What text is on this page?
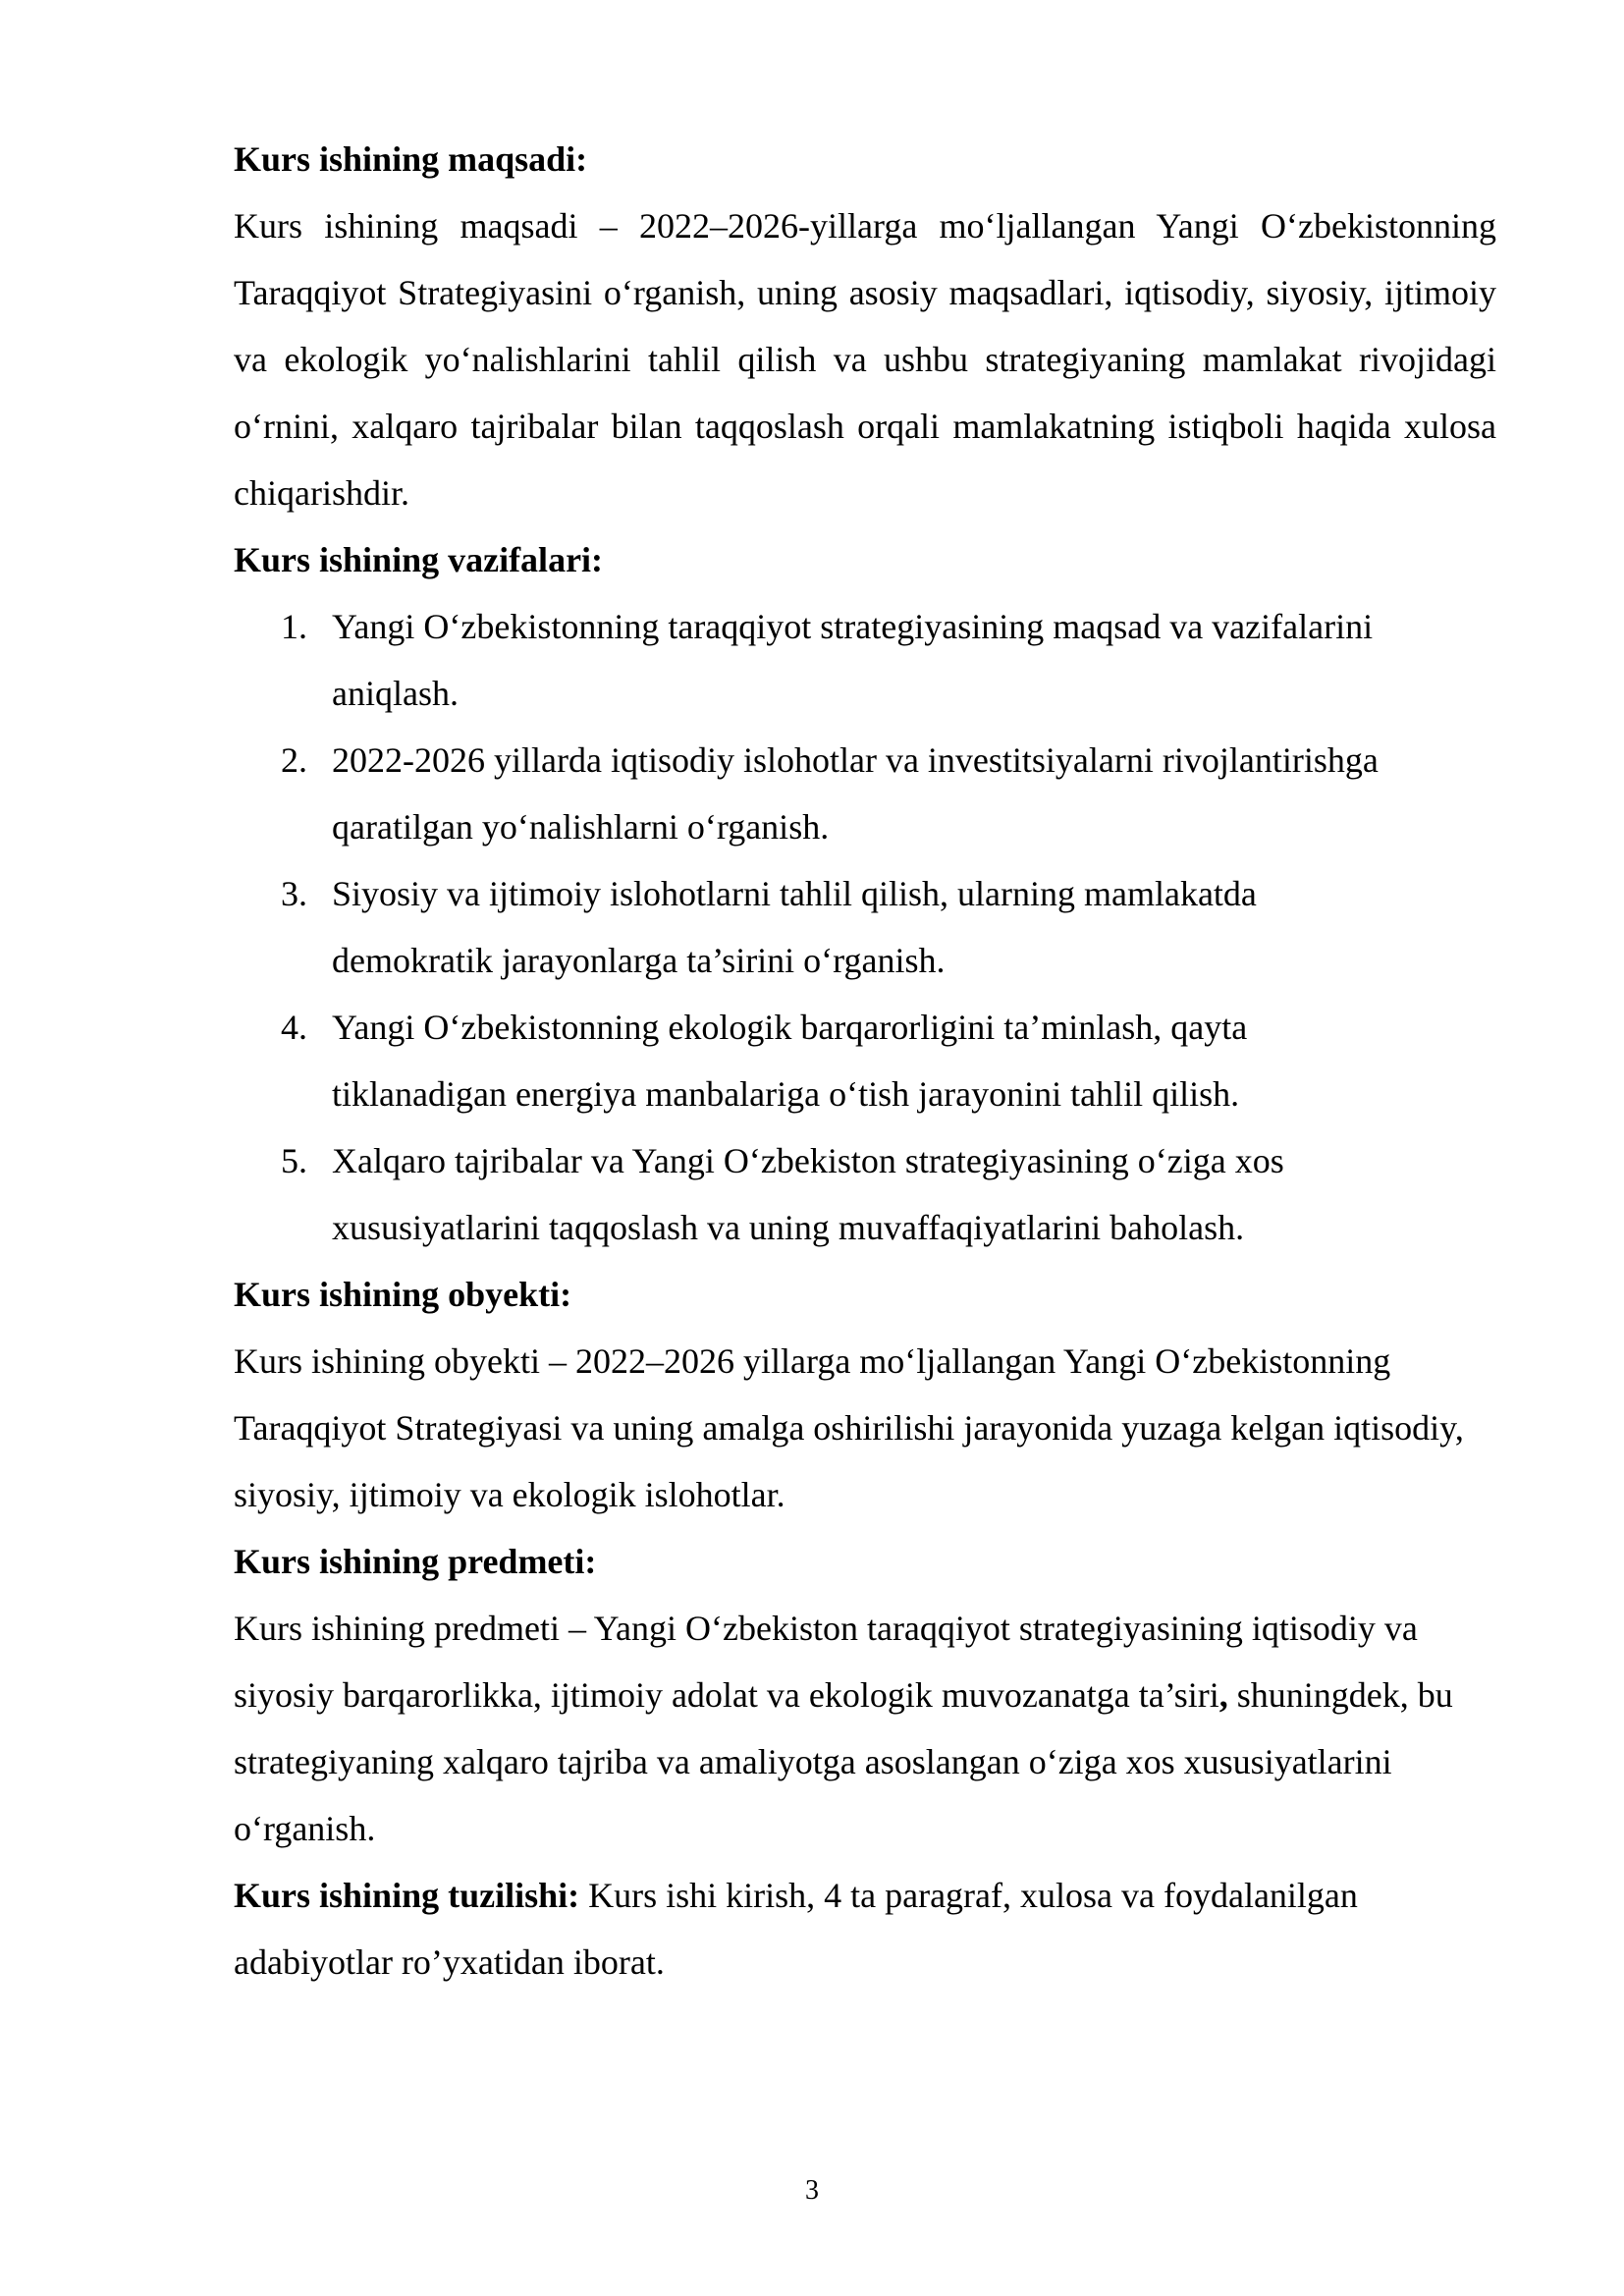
Kurs ishining maqsadi:

Kurs ishining maqsadi – 2022–2026-yillarga mo‘ljallangan Yangi O‘zbekistonning Taraqqiyot Strategiyasini o‘rganish, uning asosiy maqsadlari, iqtisodiy, siyosiy, ijtimoiy va ekologik yo‘nalishlarini tahlil qilish va ushbu strategiyaning mamlakat rivojidagi o‘rnini, xalqaro tajribalar bilan taqqoslash orqali mamlakatning istiqboli haqida xulosa chiqarishdir.

Kurs ishining vazifalari:

1. Yangi O‘zbekistonning taraqqiyot strategiyasining maqsad va vazifalarini aniqlash.
2. 2022-2026 yillarda iqtisodiy islohotlar va investitsiyalarni rivojlantirishga qaratilgan yo‘nalishlarni o‘rganish.
3. Siyosiy va ijtimoiy islohotlarni tahlil qilish, ularning mamlakatda demokratik jarayonlarga ta’sirini o‘rganish.
4. Yangi O‘zbekistonning ekologik barqarorligini ta’minlash, qayta tiklanadigan energiya manbalariga o‘tish jarayonini tahlil qilish.
5. Xalqaro tajribalar va Yangi O‘zbekiston strategiyasining o‘ziga xos xususiyatlarini taqqoslash va uning muvaffaqiyatlarini baholash.

Kurs ishining obyekti:

Kurs ishining obyekti – 2022–2026 yillarga mo‘ljallangan Yangi O‘zbekistonning Taraqqiyot Strategiyasi va uning amalga oshirilishi jarayonida yuzaga kelgan iqtisodiy, siyosiy, ijtimoiy va ekologik islohotlar.

Kurs ishining predmeti:

Kurs ishining predmeti – Yangi O‘zbekiston taraqqiyot strategiyasining iqtisodiy va siyosiy barqarorlikka, ijtimoiy adolat va ekologik muvozanatga ta’siri, shuningdek, bu strategiyaning xalqaro tajriba va amaliyotga asoslangan o‘ziga xos xususiyatlarini o‘rganish.

Kurs ishining tuzilishi: Kurs ishi kirish, 4 ta paragraf, xulosa va foydalanilgan adabiyotlar ro’yxatidan iborat.

3
